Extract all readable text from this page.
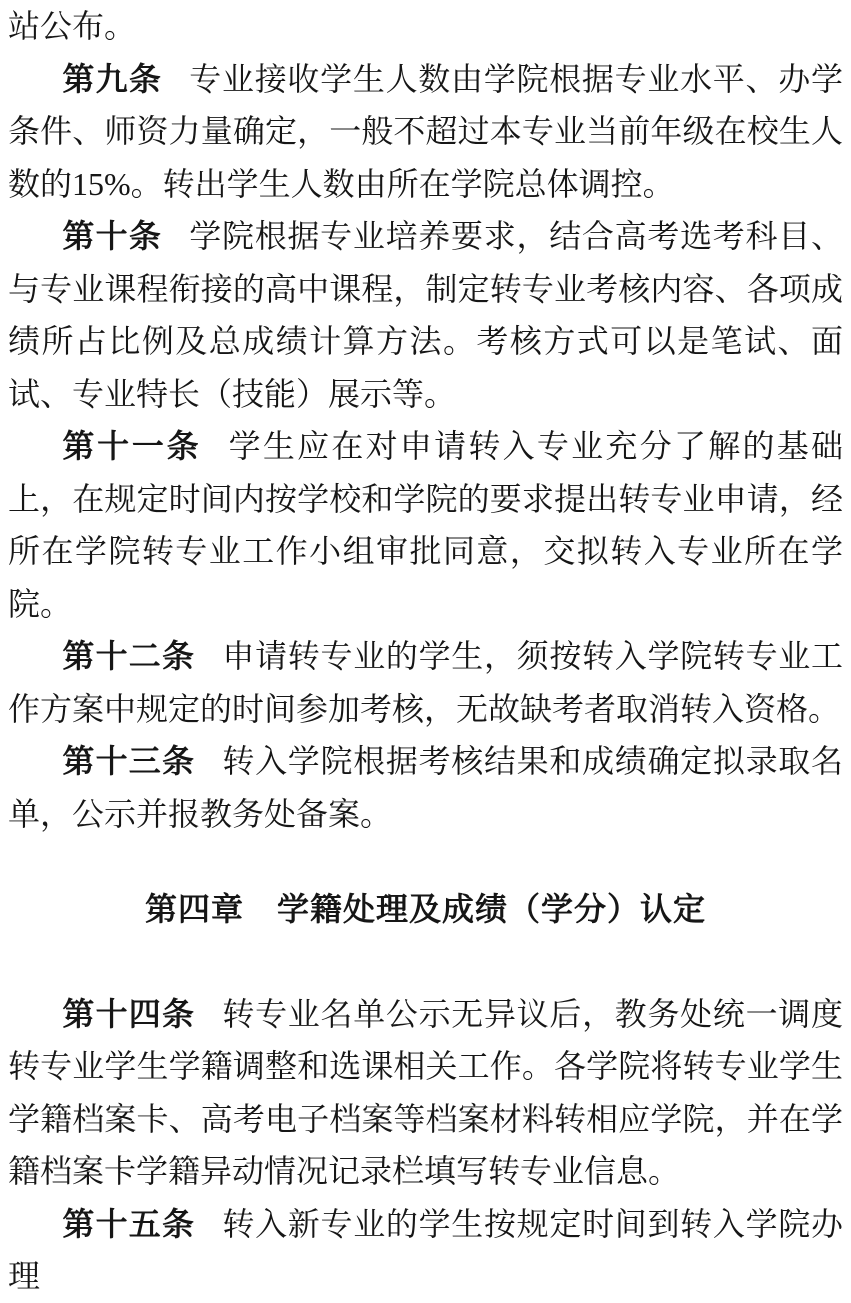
站公布。

第九条 专业接收学生人数由学院根据专业水平、办学条件、师资力量确定，一般不超过本专业当前年级在校生人数的15%。转出学生人数由所在学院总体调控。

第十条 学院根据专业培养要求，结合高考选考科目、与专业课程衔接的高中课程，制定转专业考核内容、各项成绩所占比例及总成绩计算方法。考核方式可以是笔试、面试、专业特长（技能）展示等。

第十一条 学生应在对申请转入专业充分了解的基础上，在规定时间内按学校和学院的要求提出转专业申请，经所在学院转专业工作小组审批同意，交拟转入专业所在学院。

第十二条 申请转专业的学生，须按转入学院转专业工作方案中规定的时间参加考核，无故缺考者取消转入资格。

第十三条 转入学院根据考核结果和成绩确定拟录取名单，公示并报教务处备案。

第四章　学籍处理及成绩（学分）认定

第十四条 转专业名单公示无异议后，教务处统一调度转专业学生学籍调整和选课相关工作。各学院将转专业学生学籍档案卡、高考电子档案等档案材料转相应学院，并在学籍档案卡学籍异动情况记录栏填写转专业信息。

第十五条 转入新专业的学生按规定时间到转入学院办理
